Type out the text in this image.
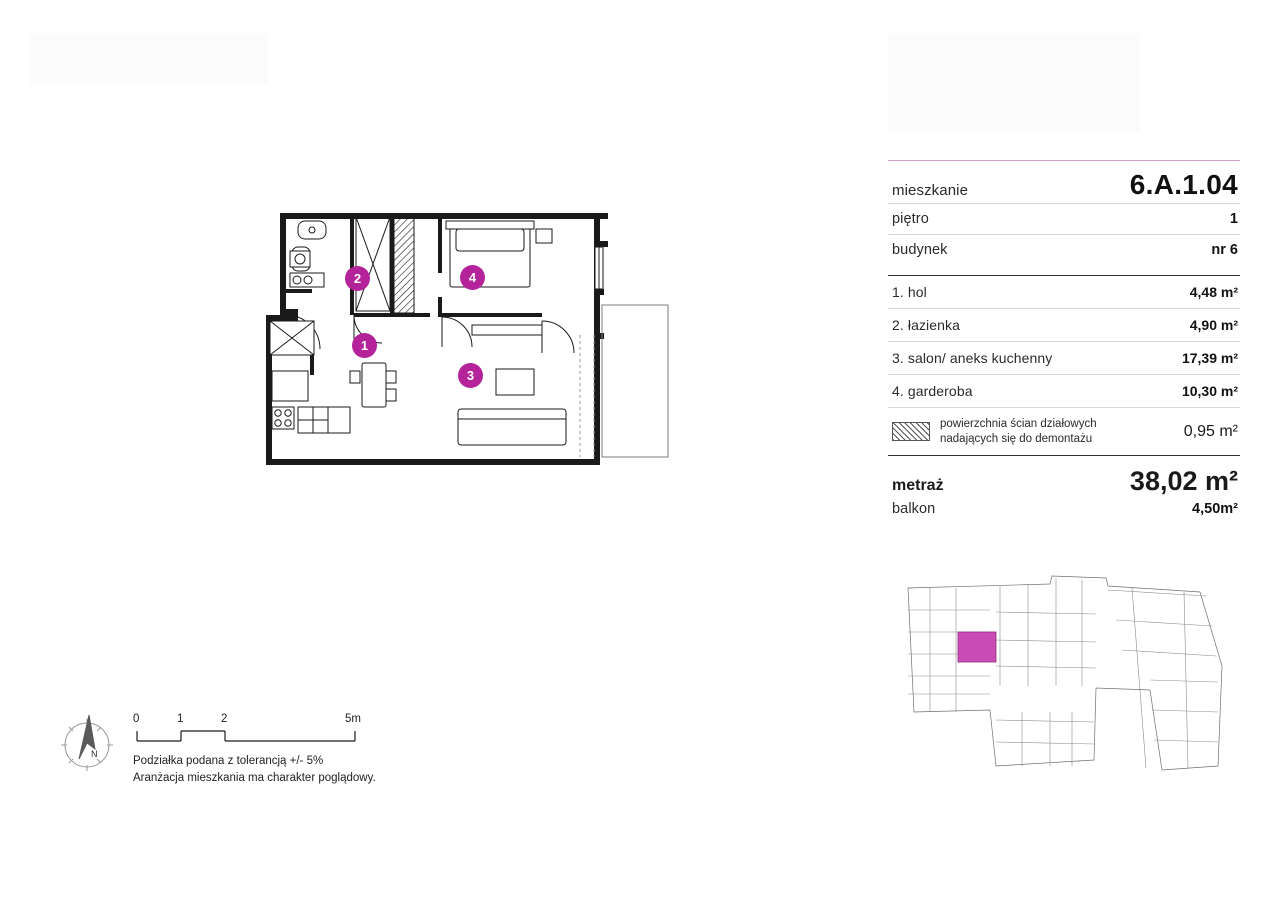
1
2
3
4
mieszkanie	6.A.1.04
piętro	1
budynek	nr 6
1. hol	4,48 m²
2. łazienka	4,90 m²
3. salon/ aneks kuchenny	17,39 m²
4. garderoba	10,30 m²
powierzchnia ścian działowych
nadających się do demontażu	0,95 m²
metraż	38,02 m²
balkon	4,50m²
N
0	1	2	5m
Podziałka podana z tolerancją +/- 5%
Aranżacja mieszkania ma charakter poglądowy.
